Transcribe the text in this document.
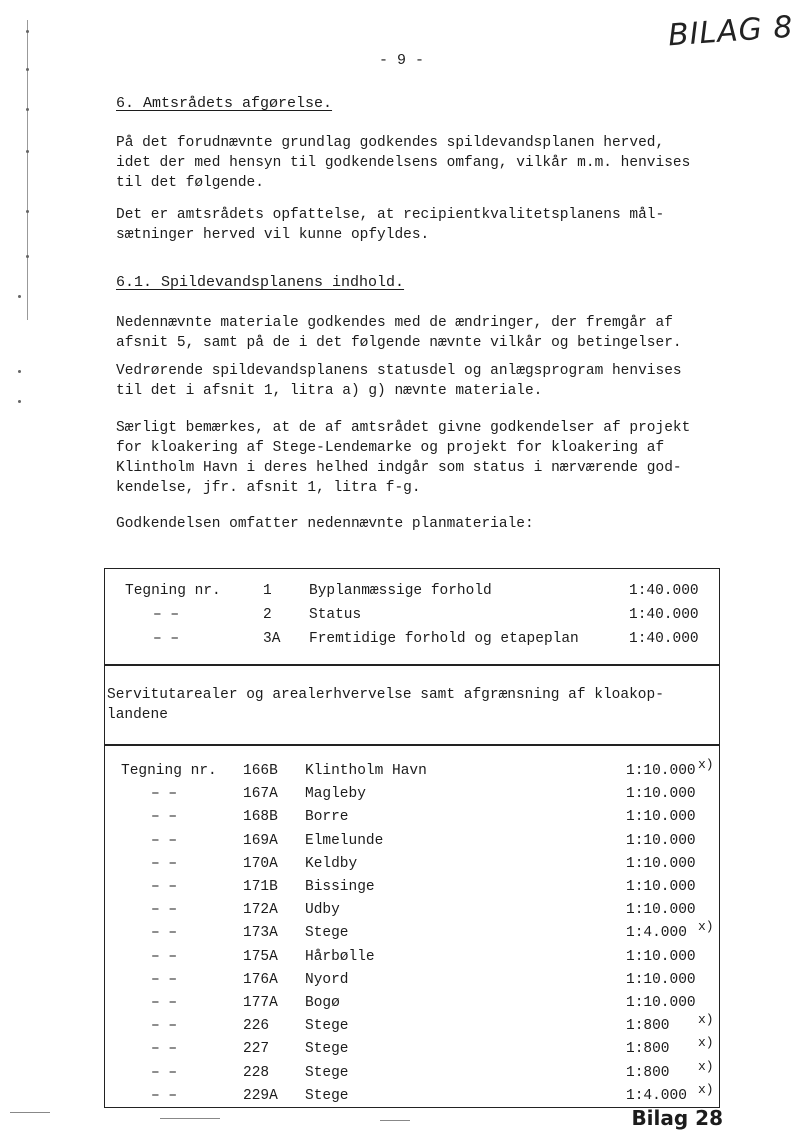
BILAG 8
- 9 -
6. Amtsrådets afgørelse.
På det forudnævnte grundlag godkendes spildevandsplanen herved,
idet der med hensyn til godkendelsens omfang, vilkår m.m. henvises
til det følgende.
Det er amtsrådets opfattelse, at recipientkvalitetsplanens mål-
sætninger herved vil kunne opfyldes.
6.1. Spildevandsplanens indhold.
Nedennævnte materiale godkendes med de ændringer, der fremgår af
afsnit 5, samt på de i det følgende nævnte vilkår og betingelser.
Vedrørende spildevandsplanens statusdel og anlægsprogram henvises
til det i afsnit 1, litra a) g) nævnte materiale.
Særligt bemærkes, at de af amtsrådet givne godkendelser af projekt
for kloakering af Stege-Lendemarke og projekt for kloakering af
Klintholm Havn i deres helhed indgår som status i nærværende god-
kendelse, jfr. afsnit 1, litra f-g.
Godkendelsen omfatter nedennævnte planmateriale:
Tegning nr.	1	Byplanmæssige forhold	1:40.000
– –	2	Status	1:40.000
– –	3A Fremtidige forhold og etapeplan	1:40.000
Servitutarealer og arealerhvervelse samt afgrænsning af kloakop-
landene
Tegning nr. 166B Klintholm Havn	1:10.000 x)
– –	167A Magleby	1:10.000
– –	168B Borre	1:10.000
– –	169A Elmelunde	1:10.000
– –	170A Keldby	1:10.000
– –	171B Bissinge	1:10.000
– –	172A Udby	1:10.000
– –	173A Stege	1:4.000 x)
– –	175A Hårbølle	1:10.000
– –	176A Nyord	1:10.000
– –	177A Bogø	1:10.000
– –	226 Stege	1:800 x)
– –	227 Stege	1:800 x)
– –	228 Stege	1:800 x)
– –	229A Stege	1:4.000 x)
Bilag 28
